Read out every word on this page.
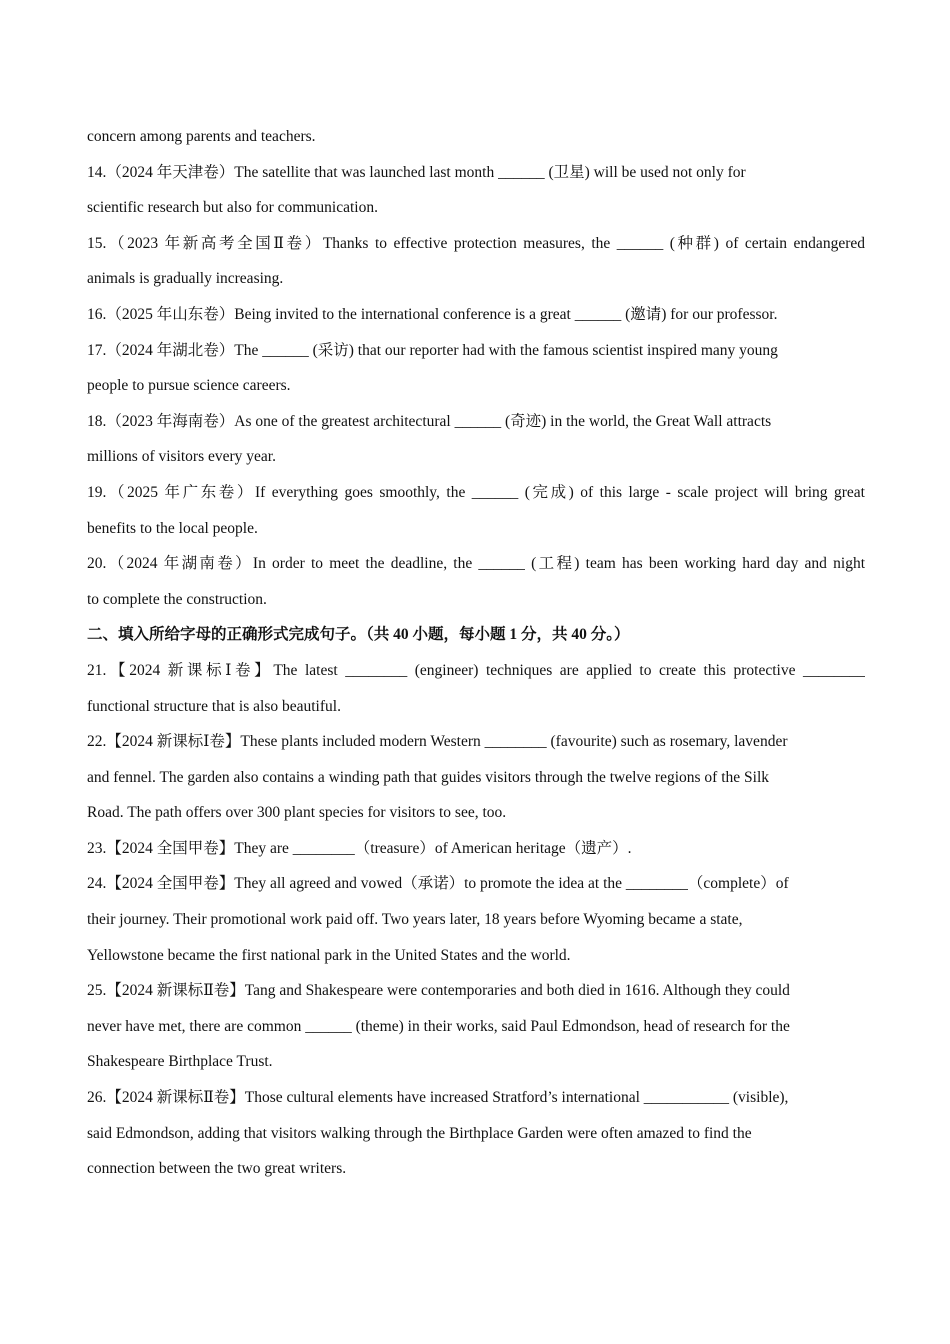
concern among parents and teachers.
14.（2024 年天津卷）The satellite that was launched last month ______ (卫星) will be used not only for
scientific research but also for communication.
15.（2023 年新高考全国Ⅱ卷）Thanks to effective protection measures, the ______ (种群) of certain endangered
animals is gradually increasing.
16.（2025 年山东卷）Being invited to the international conference is a great ______ (邀请) for our professor.
17.（2024 年湖北卷）The ______ (采访) that our reporter had with the famous scientist inspired many young
people to pursue science careers.
18.（2023 年海南卷）As one of the greatest architectural ______ (奇迹) in the world, the Great Wall attracts
millions of visitors every year.
19.（2025 年广东卷）If everything goes smoothly, the ______ (完成) of this large - scale project will bring great
benefits to the local people.
20.（2024 年湖南卷）In order to meet the deadline, the ______ (工程) team has been working hard day and night
to complete the construction.
二、填入所给字母的正确形式完成句子。（共 40 小题，每小题 1 分，共 40 分。）
21.【2024 新课标Ⅰ卷】The latest ________ (engineer) techniques are applied to create this protective ________
functional structure that is also beautiful.
22.【2024 新课标Ⅰ卷】These plants included modern Western ________ (favourite) such as rosemary, lavender
and fennel. The garden also contains a winding path that guides visitors through the twelve regions of the Silk
Road. The path offers over 300 plant species for visitors to see, too.
23.【2024 全国甲卷】They are ________（treasure）of American heritage（遗产）.
24.【2024 全国甲卷】They all agreed and vowed（承诺）to promote the idea at the ________（complete）of
their journey. Their promotional work paid off. Two years later, 18 years before Wyoming became a state,
Yellowstone became the first national park in the United States and the world.
25.【2024 新课标Ⅱ卷】Tang and Shakespeare were contemporaries and both died in 1616. Although they could
never have met, there are common ______ (theme) in their works, said Paul Edmondson, head of research for the
Shakespeare Birthplace Trust.
26.【2024 新课标Ⅱ卷】Those cultural elements have increased Stratford’s international ___________ (visible),
said Edmondson, adding that visitors walking through the Birthplace Garden were often amazed to find the
connection between the two great writers.
